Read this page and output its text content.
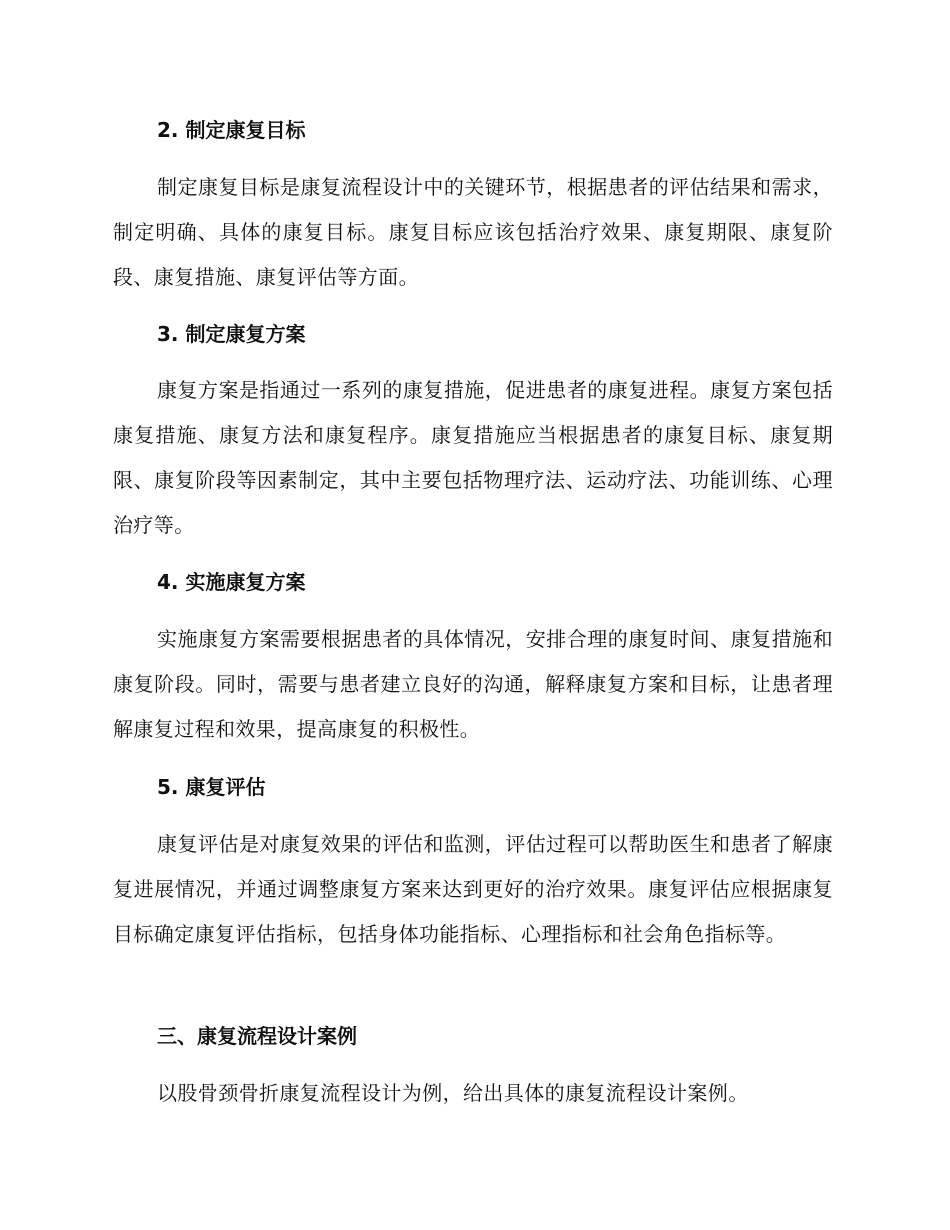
2. 制定康复目标

制定康复目标是康复流程设计中的关键环节，根据患者的评估结果和需求，制定明确、具体的康复目标。康复目标应该包括治疗效果、康复期限、康复阶段、康复措施、康复评估等方面。

3. 制定康复方案

康复方案是指通过一系列的康复措施，促进患者的康复进程。康复方案包括康复措施、康复方法和康复程序。康复措施应当根据患者的康复目标、康复期限、康复阶段等因素制定，其中主要包括物理疗法、运动疗法、功能训练、心理治疗等。

4. 实施康复方案

实施康复方案需要根据患者的具体情况，安排合理的康复时间、康复措施和康复阶段。同时，需要与患者建立良好的沟通，解释康复方案和目标，让患者理解康复过程和效果，提高康复的积极性。

5. 康复评估

康复评估是对康复效果的评估和监测，评估过程可以帮助医生和患者了解康复进展情况，并通过调整康复方案来达到更好的治疗效果。康复评估应根据康复目标确定康复评估指标，包括身体功能指标、心理指标和社会角色指标等。

三、康复流程设计案例

以股骨颈骨折康复流程设计为例，给出具体的康复流程设计案例。
